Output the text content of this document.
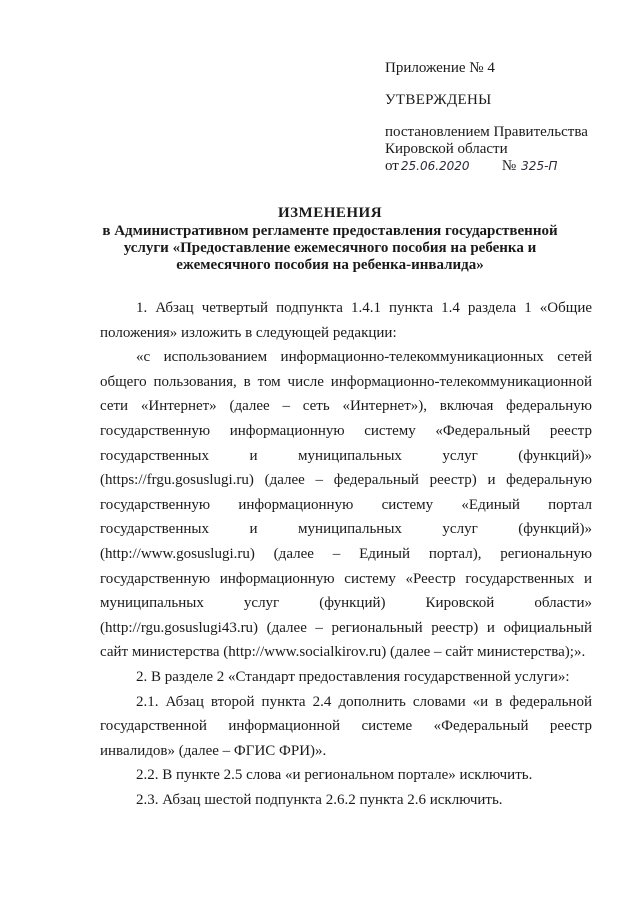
Приложение № 4

УТВЕРЖДЕНЫ

постановлением Правительства

Кировской области

от 25.06.2020	№ 325-П

ИЗМЕНЕНИЯ
в Административном регламенте предоставления государственной
услуги «Предоставление ежемесячного пособия на ребенка и
ежемесячного пособия на ребенка-инвалида»

1. Абзац четвертый подпункта 1.4.1 пункта 1.4 раздела 1 «Общие положения» изложить в следующей редакции:

«с использованием информационно-телекоммуникационных сетей общего пользования, в том числе информационно-телекоммуникационной сети «Интернет» (далее – сеть «Интернет»), включая федеральную государственную информационную систему «Федеральный реестр государственных и муниципальных услуг (функций)» (https://frgu.gosuslugi.ru) (далее – федеральный реестр) и федеральную государственную информационную систему «Единый портал государственных и муниципальных услуг (функций)» (http://www.gosuslugi.ru) (далее – Единый портал), региональную государственную информационную систему «Реестр государственных и муниципальных услуг (функций) Кировской области» (http://rgu.gosuslugi43.ru) (далее – региональный реестр) и официальный сайт министерства (http://www.socialkirov.ru) (далее – сайт министерства);».

2. В разделе 2 «Стандарт предоставления государственной услуги»:

2.1. Абзац второй пункта 2.4 дополнить словами «и в федеральной государственной информационной системе «Федеральный реестр инвалидов» (далее – ФГИС ФРИ)».

2.2. В пункте 2.5 слова «и региональном портале» исключить.

2.3. Абзац шестой подпункта 2.6.2 пункта 2.6 исключить.
